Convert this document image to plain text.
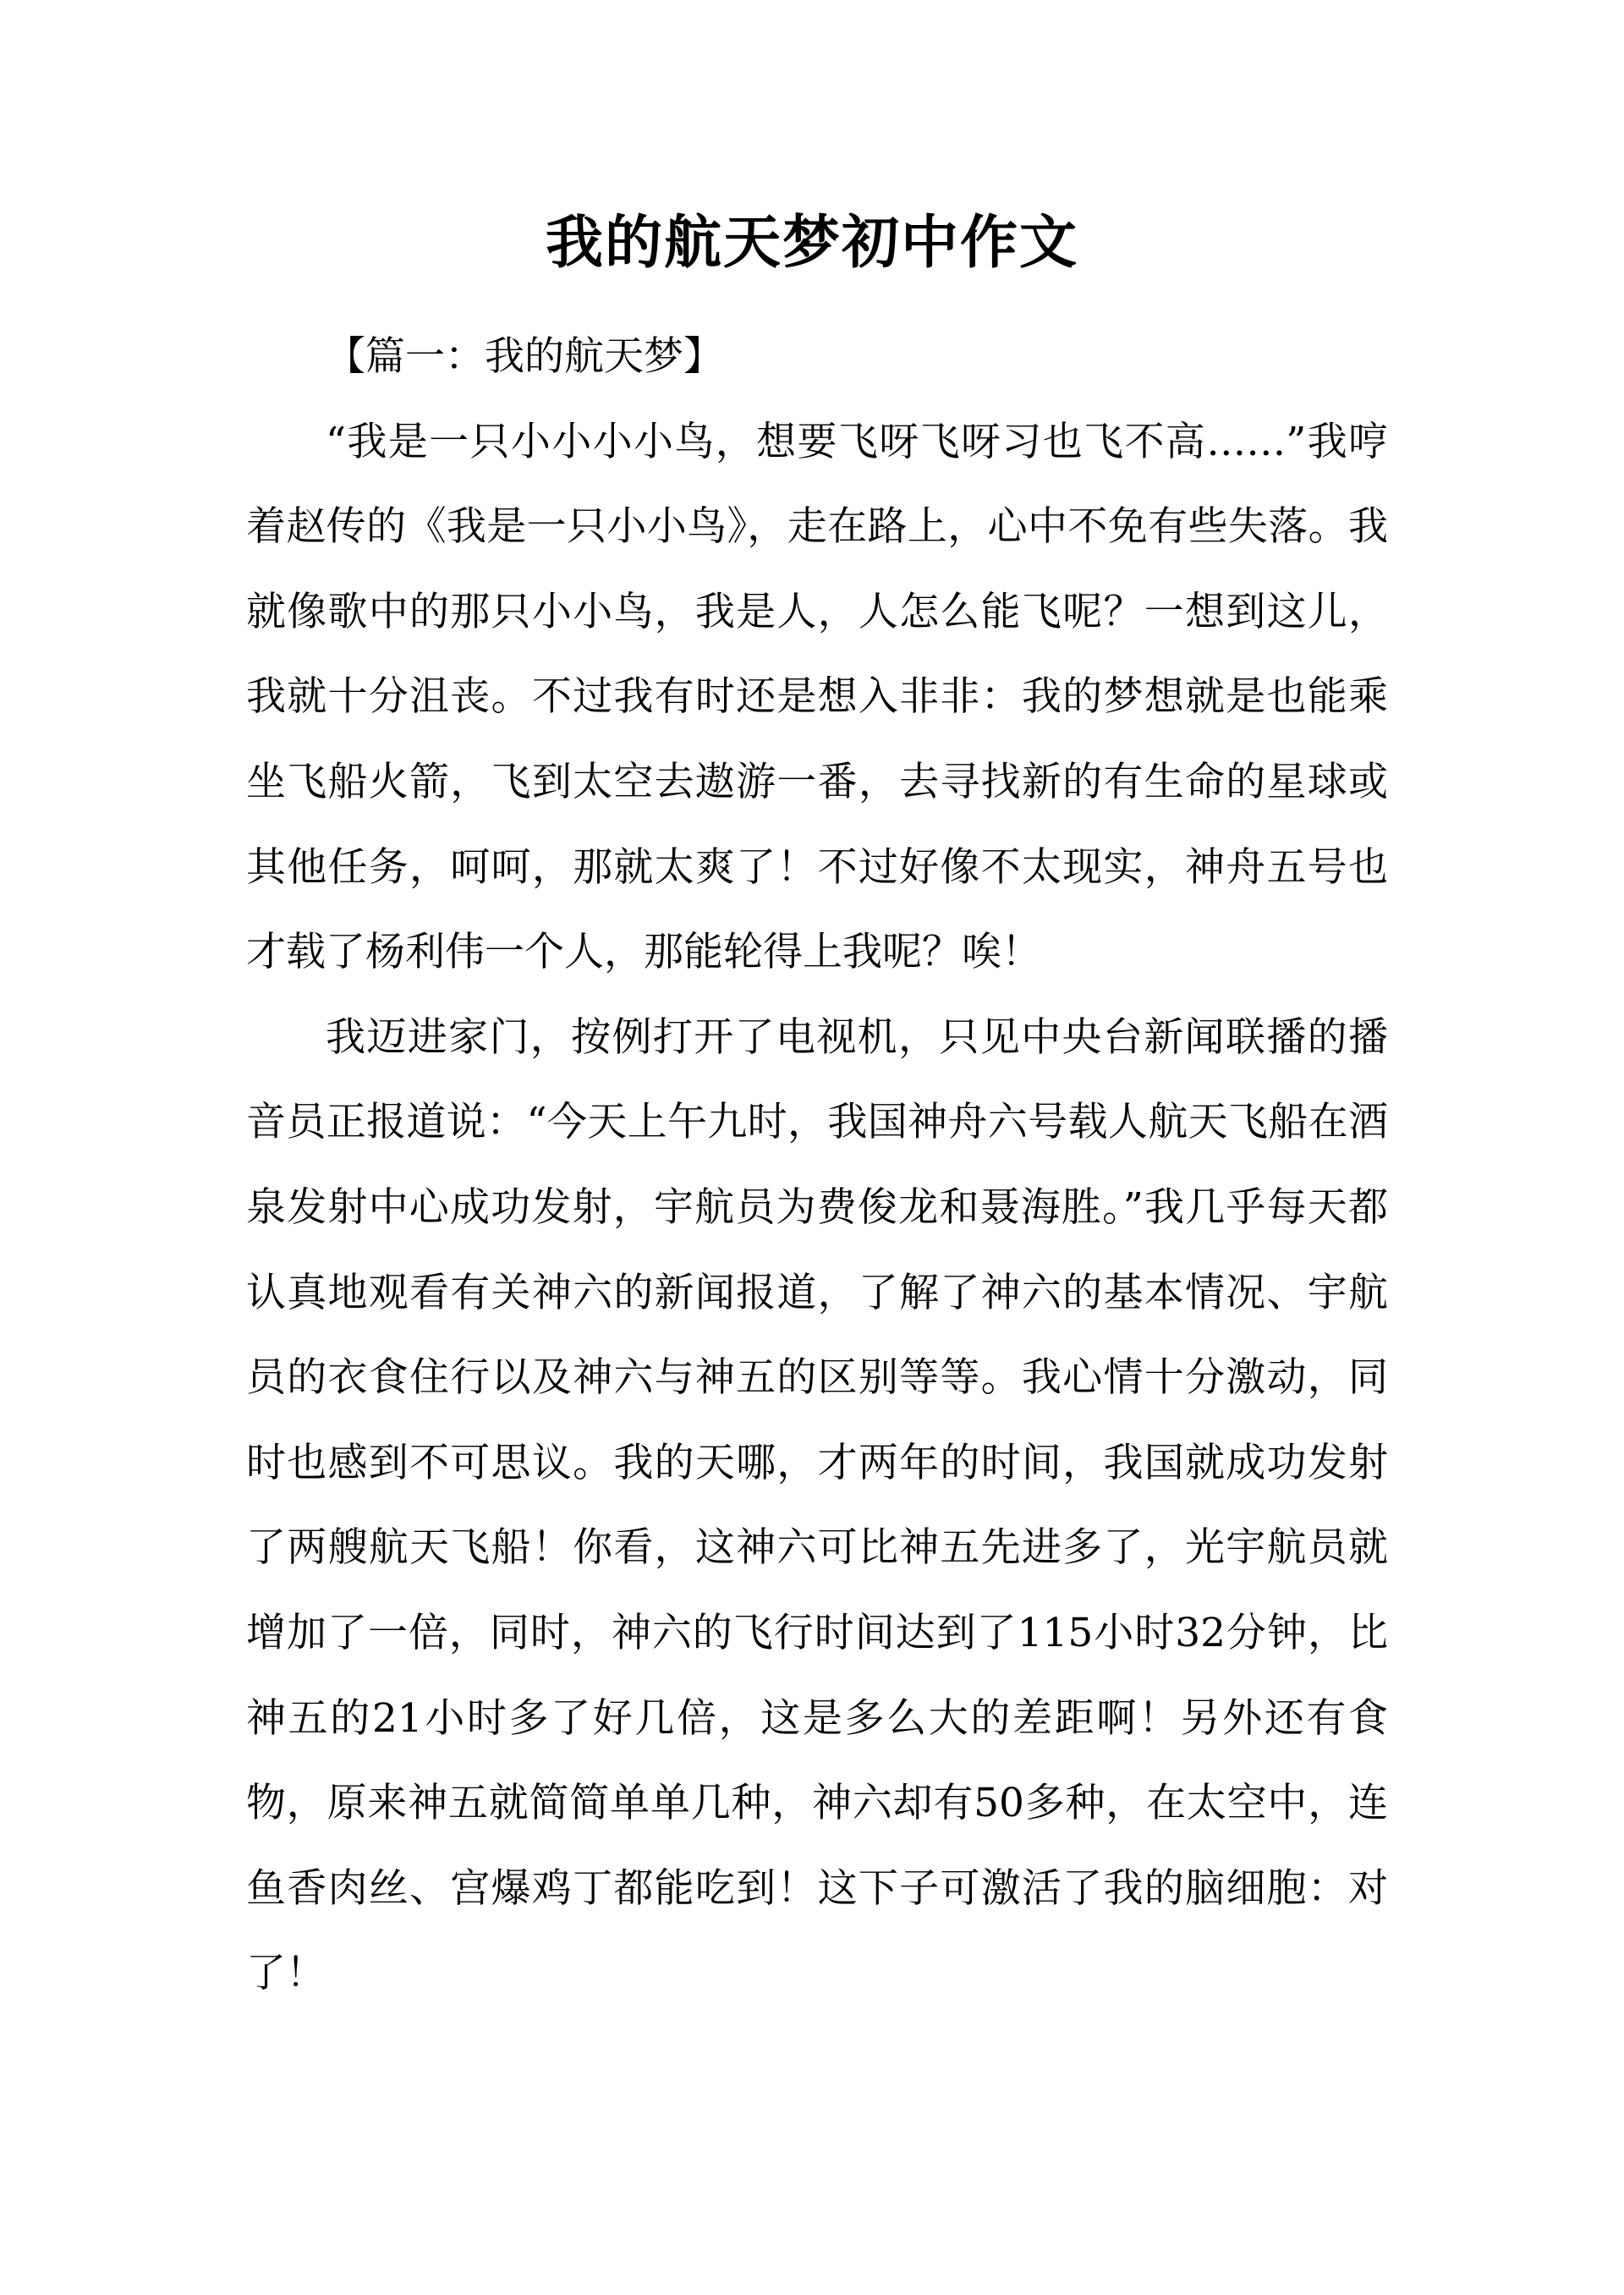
我的航天梦初中作文

【篇一：我的航天梦】

“我是一只小小小小鸟，想要飞呀飞呀习也飞不高……”我哼着赵传的《我是一只小小鸟》，走在路上，心中不免有些失落。我就像歌中的那只小小鸟，我是人，人怎么能飞呢？一想到这儿，我就十分沮丧。不过我有时还是想入非非：我的梦想就是也能乘坐飞船火箭，飞到太空去遨游一番，去寻找新的有生命的星球或其他任务，呵呵，那就太爽了！不过好像不太现实，神舟五号也才载了杨利伟一个人，那能轮得上我呢？唉！

我迈进家门，按例打开了电视机，只见中央台新闻联播的播音员正报道说：“今天上午九时，我国神舟六号载人航天飞船在酒泉发射中心成功发射，宇航员为费俊龙和聂海胜。”我几乎每天都认真地观看有关神六的新闻报道，了解了神六的基本情况、宇航员的衣食住行以及神六与神五的区别等等。我心情十分激动，同时也感到不可思议。我的天哪，才两年的时间，我国就成功发射了两艘航天飞船！你看，这神六可比神五先进多了，光宇航员就增加了一倍，同时，神六的飞行时间达到了115小时32分钟，比神五的21小时多了好几倍，这是多么大的差距啊！另外还有食物，原来神五就简简单单几种，神六却有50多种，在太空中，连鱼香肉丝、宫爆鸡丁都能吃到！这下子可激活了我的脑细胞：对了！
